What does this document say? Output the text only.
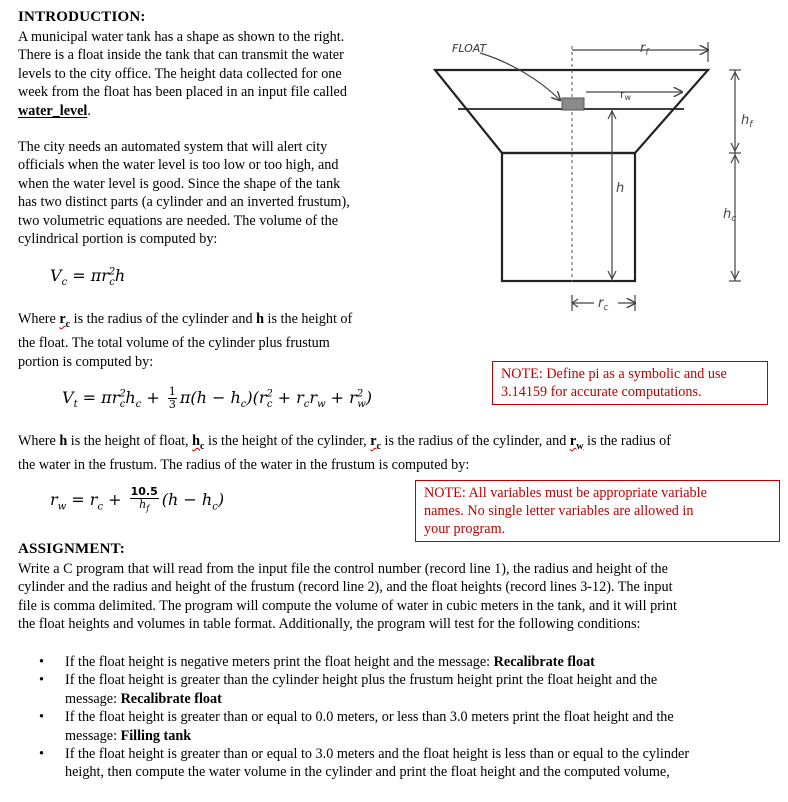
INTRODUCTION:

A municipal water tank has a shape as shown to the right.

There is a float inside the tank that can transmit the water

levels to the city office. The height data collected for one

week from the float has been placed in an input file called

water_level.

The city needs an automated system that will alert city

officials when the water level is too low or too high, and

when the water level is good. Since the shape of the tank

has two distinct parts (a cylinder and an inverted frustum),

two volumetric equations are needed. The volume of the

cylindrical portion is computed by:

$V_c = \pi r^2_ch$

Where $r_c$ is the radius of the cylinder and h is the height of

the float. The total volume of the cylinder plus frustum

portion is computed by:

$V_t = \pi r^2_ch_c + \frac{1}{3} \pi(h - h_c)(r^2_c + r_cr_w + r^2_w)$
NOTE: Define pi as a symbolic and use
3.14159 for accurate computations.

Where h is the height of float, $h_c$ is the height of the cylinder, $r_c$ is the radius of the cylinder, and $r_w$ is the radius of

the water in the frustum. The radius of the water in the frustum is computed by:

$r_w = r_c + \frac{10.5}{h_f} (h - h_c)$	NOTE: All variables must be appropriate variable
names. No single letter variables are allowed in
your program.
ASSIGNMENT:

Write a C program that will read from the input file the control number (record line 1), the radius and height of the

cylinder and the radius and height of the frustum (record line 2), and the float heights (record lines 3-12). The input

file is comma delimited. The program will compute the volume of water in cubic meters in the tank, and it will print

the float heights and volumes in table format. Additionally, the program will test for the following conditions:

• If the float height is negative meters print the float height and the message: Recalibrate float
• If the float height is greater than the cylinder height plus the frustum height print the float height and the
message: Recalibrate float
• If the float height is greater than or equal to 0.0 meters, or less than 3.0 meters print the float height and the
message: Filling tank
• If the float height is greater than or equal to 3.0 meters and the float height is less than or equal to the cylinder
height, then compute the water volume in the cylinder and print the float height and the computed volume,
FLOAT	$r_f$
rw
$h_f$
$h_c$
h
$r_c$
